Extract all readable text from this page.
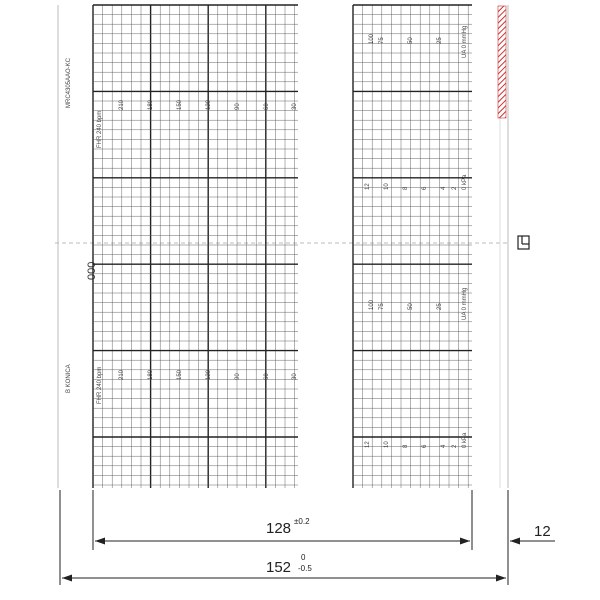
MRC4305AAO-KC
000
B KONICA
FHR 240 bpm
210	180	150	120	90	60	30
FHR 240 bpm	210	180	150	120	90	60	30
100 75	50	25	UA 0 mmHg
12 10 8 6 4 2 0 kPa
100 75	50	25	UA 0 mmHg
12 10 8 6 4 2 0 kPa
128 ±0.2
152
0
-0.5
12
